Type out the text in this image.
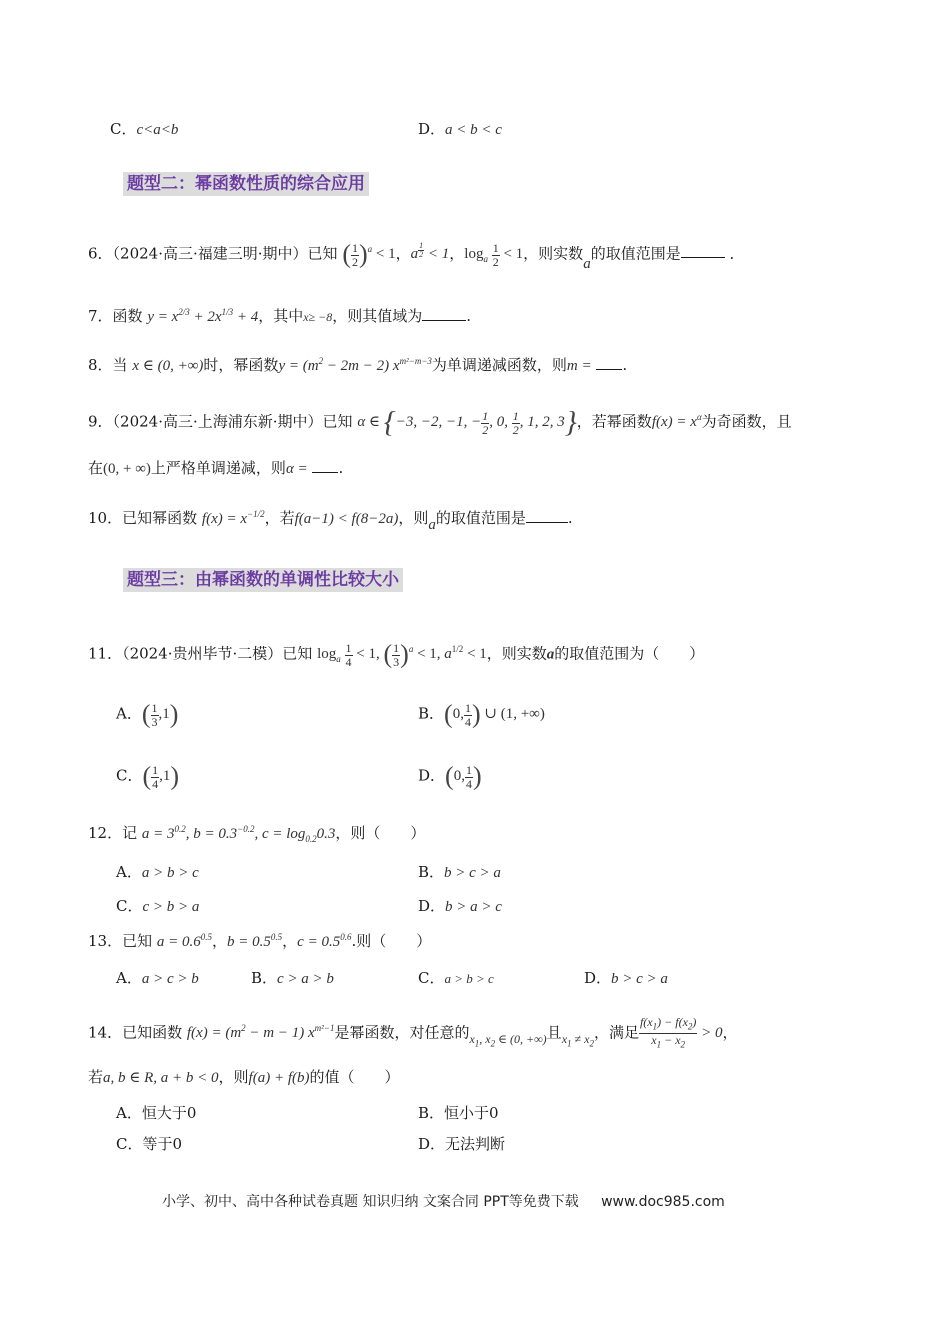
C．c<a<b	D．a < b < c
题型二：幂函数性质的综合应用
6．（2024·高三·福建三明·期中）已知 ( $\frac{1}{2} )^a < 1$，a $^{\frac{1}{2}}$ < 1，$\log_a \frac{1}{2} < 1$，则实数a的取值范围是	．
7．函数 $y = x^{2/3} + 2x^{1/3} + 4$，其中x≥ −8，则其值域为	.
8．当 x ∈ (0, +∞)时，幂函数$y = (m^2 - 2m - 2)$ $x^{m^2-m-3}$为单调递减函数，则m = .
9．（2024·高三·上海浦东新·期中）已知 α ∈ {−3, −2, −1, − $\frac{1}{2}$ , 0, $\frac{1}{2}$ , 1, 2, 3}，若幂函数$f(x) = x^\alpha$为奇函数，且
在(0, + ∞)上严格单调递减，则α = .
10．已知幂函数 $f(x) = x^{-1/2}$，若f(a−1) < f(8−2a)，则a的取值范围是	.
题型三：由幂函数的单调性比较大小
11．（2024·贵州毕节·二模）已知 $\log_a \frac{1}{4} < 1$, ( $\frac{1}{3} )^a < 1$, $a^{1/2} < 1$，则实数a的取值范围为（　　）
A．( $\frac{1}{3} ,1$)	B．(0, $\frac{1}{4}$ ) ∪ (1, +∞)
C．( $\frac{1}{4} ,1$)	D．(0, $\frac{1}{4}$ )
12．记 $a = 3^{0.2}$, $b = 0.3^{-0.2}$, $c = \log_{0.2}0.3$，则（　　）
A．a > b > c	B．b > c > a
C．c > b > a	D．b > a > c
13．已知 $a = 0.6^{0.5}$，$b = 0.5^{0.5}$，$c = 0.5^{0.6}$.则（　　）
A．a > c > b	B．c > a > b	C．a > b > c	D．b > c > a
14．已知函数 $f(x) = (m^2 - m - 1)$ $x^{m^2-1}$是幂函数，对任意的$_{x_1, x_2 \in (0, +\infty)}$且$_{x_1 \ne x_2}$，满足 $\frac{f(x_1) - f(x_2)}{x_1 - x_2} > 0$，
若a, b ∈ R, a + b < 0，则f(a) + f(b)的值（　　）
A．恒大于0	B．恒小于0
C．等于0	D．无法判断
小学、初中、高中各种试卷真题 知识归纳 文案合同 PPT等免费下载 www.doc985.com
